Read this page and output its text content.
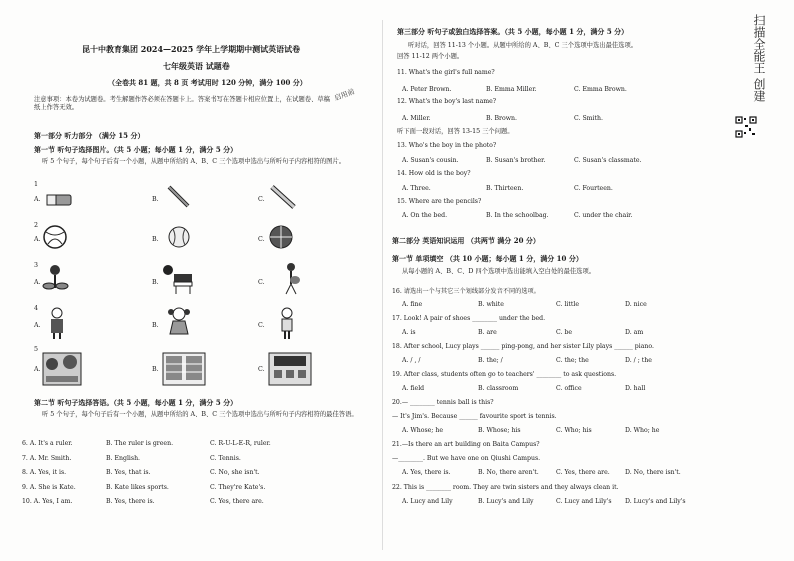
昆十中教育集团 2024—2025 学年上学期期中测试英语试卷
七年级英语 试题卷
（全卷共 81 题，共 8 页 考试用时 120 分钟，满分 100 分）
注意事项：本卷为试题卷。考生解题作答必须在答题卡上。答案书写在答题卡相应位置上，在试题卷、草稿纸上作答无效。
启用前
第一部分 听力部分 （满分 15 分）
第一节 听句子选择图片。（共 5 小题；每小题 1 分，满分 5 分）
听 5 个句子，每个句子后有一个小题，从题中所给的 A、B、C 三个选项中选出与所听句子内容相符的图片。
1
A.	B.	C.
2
A.	B.	C.
3
A.	B.	C.
4
A.	B.	C.
5
A.	B.	C.
第二节 听句子选择答语。（共 5 小题，每小题 1 分，满分 5 分）
听 5 个句子，每个句子后有一个小题，从题中所给的 A、B、C 三个选项中选出与所听句子内容相符的最佳答语。
6. A. It's a ruler.	B. The ruler is green.	C. R-U-L-E-R, ruler.
7. A. Mr. Smith.	B. English.	C. Tennis.
8. A. Yes, it is.	B. Yes, that is.	C. No, she isn't.
9. A. She is Kate.	B. Kate likes sports.	C. They're Kate's.
10. A. Yes, I am.	B. Yes, there is.	C. Yes, there are.
第三部分 听句子或独白选择答案。（共 5 小题，每小题 1 分，满分 5 分）
听对话，回答 11-13 个小题。从题中所给的 A、B、C 三个选项中选出最佳选项。
回答 11-12 两个小题。
11. What's the girl's full name?
A. Peter Brown.	B. Emma Miller.	C. Emma Brown.
12. What's the boy's last name?
A. Miller.	B. Brown.	C. Smith.
听下面一段对话，回答 13-15 三个问题。
13. Who's the boy in the photo?
A. Susan's cousin.	B. Susan's brother.	C. Susan's classmate.
14. How old is the boy?
A. Three.	B. Thirteen.	C. Fourteen.
15. Where are the pencils?
A. On the bed.	B. In the schoolbag.	C. under the chair.
第二部分 英语知识运用 （共两节 满分 20 分）
第一节 单项填空 （共 10 小题；每小题 1 分，满分 10 分）
从每小题的 A、B、C、D 四个选项中选出能填入空白处的最佳选项。
16. 请选出一个与其它三个划线部分发音不同的选项。
A. fine	B. white	C. little	D. nice
17. Look! A pair of shoes ________ under the bed.
A. is	B. are	C. be	D. am
18. After school, Lucy plays ______ ping-pong, and her sister Lily plays ______ piano.
A. / , /	B. the; /	C. the; the	D. / ; the
19. After class, students often go to teachers' ________ to ask questions.
A. field	B. classroom	C. office	D. hall
20.— ________ tennis ball is this?
— It's Jim's. Because ______ favourite sport is tennis.
A. Whose; he	B. Whose; his	C. Who; his	D. Who; he
21.—Is there an art building on Baita Campus?
—________. But we have one on Qiushi Campus.
A. Yes, there is.	B. No, there aren't.	C. Yes, there are. D. No, there isn't.
22. This is ________ room. They are twin sisters and they always clean it.
A. Lucy and Lily	B. Lucy's and Lily	C. Lucy and Lily's D. Lucy's and Lily's
扫描全能王 创建
